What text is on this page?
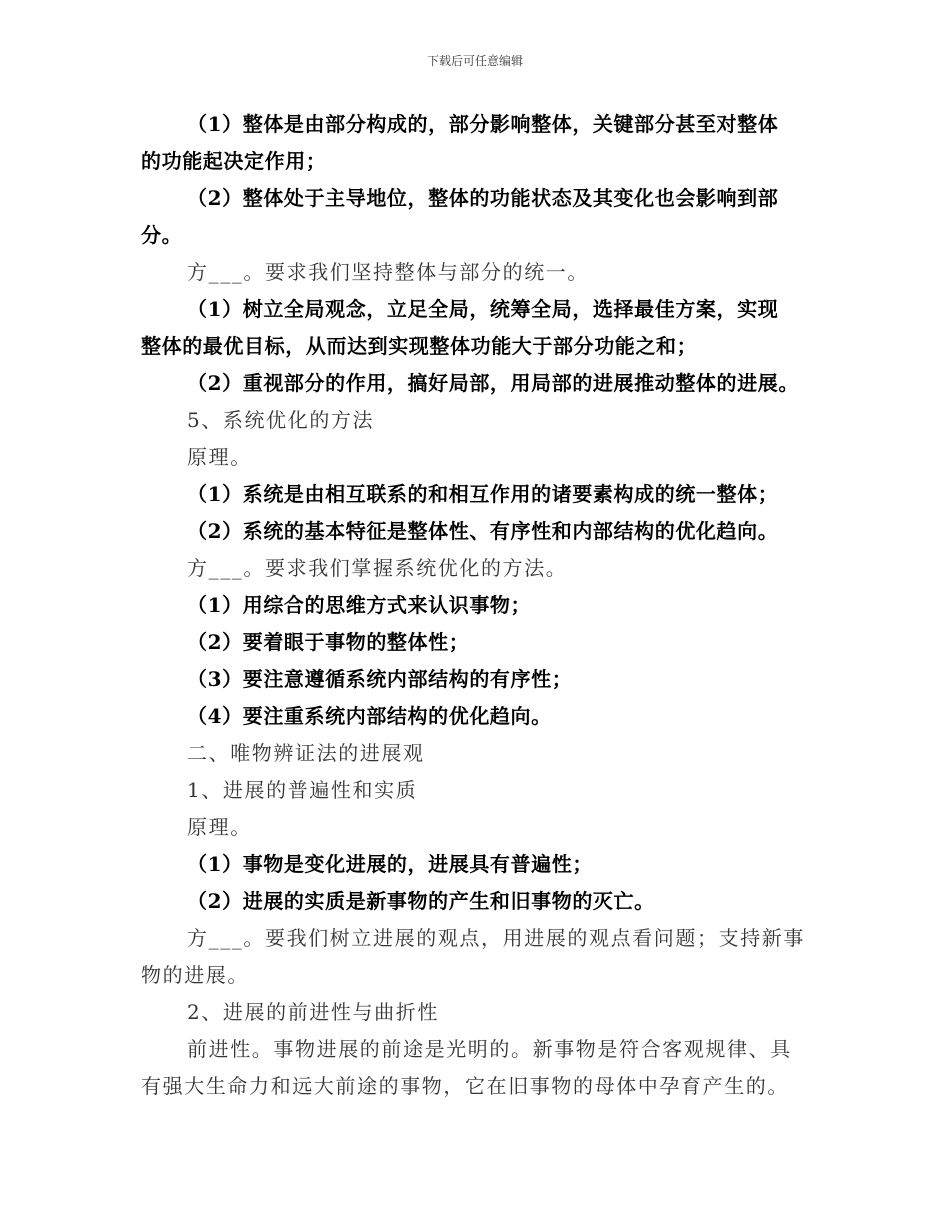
下载后可任意编辑
（1）整体是由部分构成的，部分影响整体，关键部分甚至对整体
的功能起决定作用；
（2）整体处于主导地位，整体的功能状态及其变化也会影响到部
分。
方___。要求我们坚持整体与部分的统一。
（1）树立全局观念，立足全局，统筹全局，选择最佳方案，实现
整体的最优目标，从而达到实现整体功能大于部分功能之和；
（2）重视部分的作用，搞好局部，用局部的进展推动整体的进展。
5、系统优化的方法
原理。
（1）系统是由相互联系的和相互作用的诸要素构成的统一整体；
（2）系统的基本特征是整体性、有序性和内部结构的优化趋向。
方___。要求我们掌握系统优化的方法。
（1）用综合的思维方式来认识事物；
（2）要着眼于事物的整体性；
（3）要注意遵循系统内部结构的有序性；
（4）要注重系统内部结构的优化趋向。
二、唯物辨证法的进展观
1、进展的普遍性和实质
原理。
（1）事物是变化进展的，进展具有普遍性；
（2）进展的实质是新事物的产生和旧事物的灭亡。
方___。要我们树立进展的观点，用进展的观点看问题；支持新事
物的进展。
2、进展的前进性与曲折性
前进性。事物进展的前途是光明的。新事物是符合客观规律、具
有强大生命力和远大前途的事物，它在旧事物的母体中孕育产生的。
